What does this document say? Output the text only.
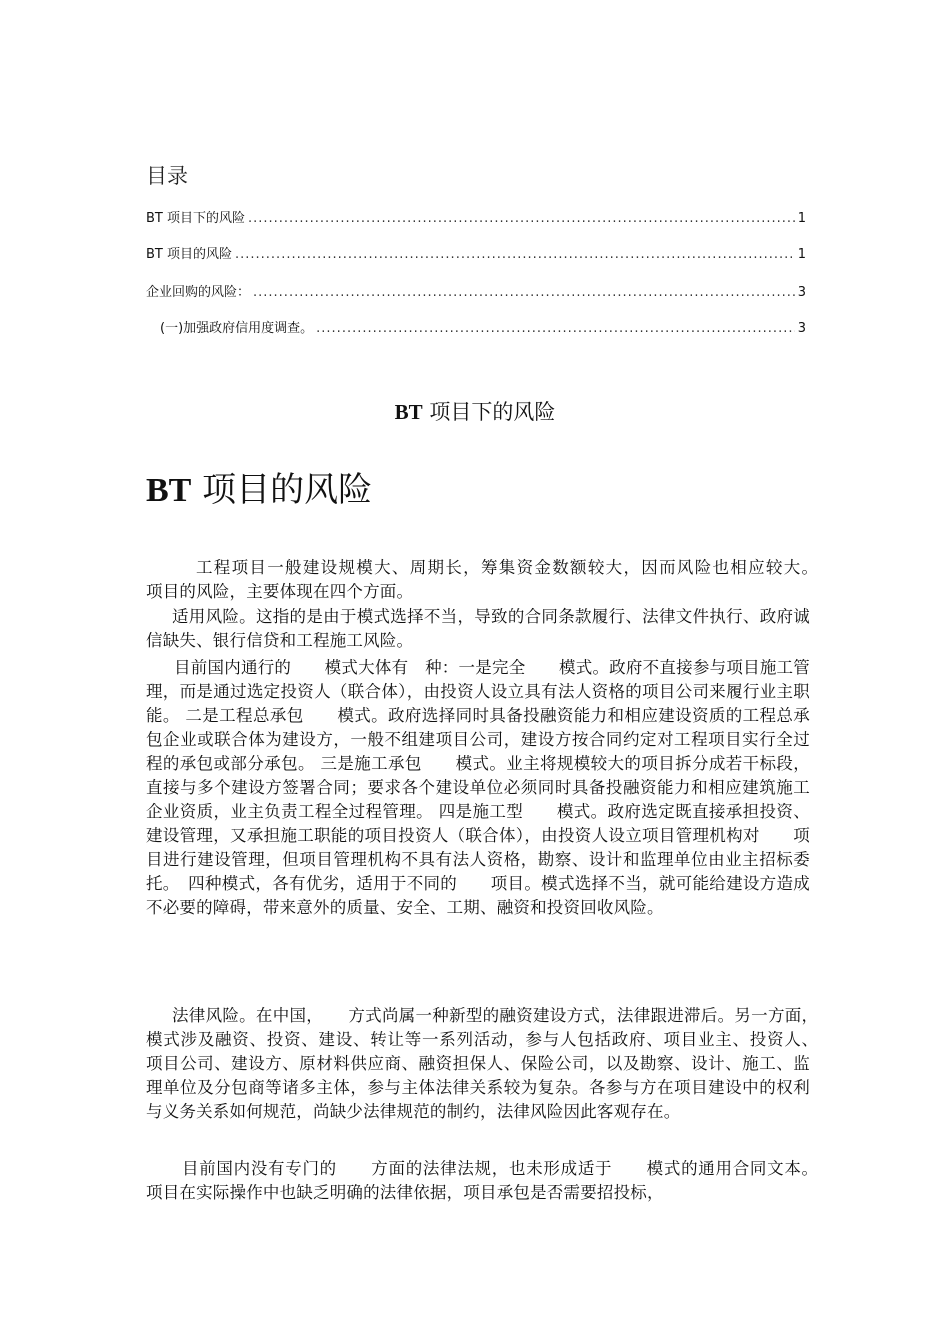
目录
BT 项目下的风险 .....	1
BT 项目的风险 .....	1
企业回购的风险： .....	3
(一)加强政府信用度调查。 .....	3
BT 项目下的风险
BT 项目的风险
工程项目一般建设规模大、周期长，筹集资金数额较大，因而风险也相应较大。　　项目的风险，主要体现在四个方面。
适用风险。这指的是由于模式选择不当，导致的合同条款履行、法律文件执行、政府诚信缺失、银行信贷和工程施工风险。
目前国内通行的　　模式大体有　种：一是完全　　模式。政府不直接参与项目施工管理，而是通过选定投资人（联合体），由投资人设立具有法人资格的项目公司来履行业主职能。 二是工程总承包　　模式。政府选择同时具备投融资能力和相应建设资质的工程总承包企业或联合体为建设方，一般不组建项目公司，建设方按合同约定对工程项目实行全过程的承包或部分承包。 三是施工承包　　模式。业主将规模较大的项目拆分成若干标段，直接与多个建设方签署合同；要求各个建设单位必须同时具备投融资能力和相应建筑施工企业资质，业主负责工程全过程管理。 四是施工型　　模式。政府选定既直接承担投资、建设管理，又承担施工职能的项目投资人（联合体），由投资人设立项目管理机构对　　项目进行建设管理，但项目管理机构不具有法人资格，勘察、设计和监理单位由业主招标委托。　四种模式，各有优劣，适用于不同的　　项目。模式选择不当，就可能给建设方造成不必要的障碍，带来意外的质量、安全、工期、融资和投资回收风险。
法律风险。在中国，　　方式尚属一种新型的融资建设方式，法律跟进滞后。另一方面，　　模式涉及融资、投资、建设、转让等一系列活动，参与人包括政府、项目业主、投资人、　　项目公司、建设方、原材料供应商、融资担保人、保险公司，以及勘察、设计、施工、监理单位及分包商等诸多主体，参与主体法律关系较为复杂。各参与方在项目建设中的权利与义务关系如何规范，尚缺少法律规范的制约，法律风险因此客观存在。
目前国内没有专门的　　方面的法律法规，也未形成适于　　模式的通用合同文本。　　项目在实际操作中也缺乏明确的法律依据，项目承包是否需要招投标，
